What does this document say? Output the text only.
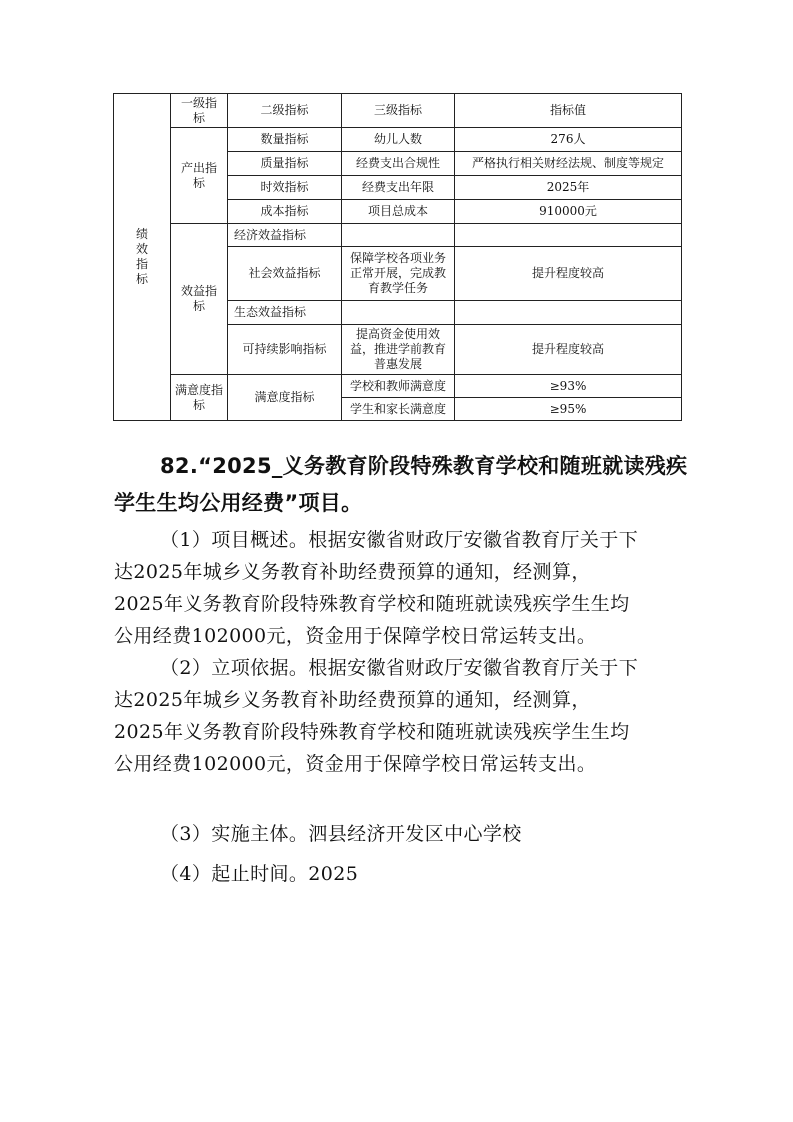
绩效指标	一级指标	二级指标	三级指标	指标值
	产出指标	数量指标	幼儿人数	276人
		质量指标	经费支出合规性	严格执行相关财经法规、制度等规定
		时效指标	经费支出年限	2025年
		成本指标	项目总成本	910000元
	效益指标	经济效益指标		
		社会效益指标	保障学校各项业务正常开展，完成教育教学任务	提升程度较高
		生态效益指标		
		可持续影响指标	提高资金使用效益，推进学前教育普惠发展	提升程度较高
	满意度指标	满意度指标	学校和教师满意度	≥93%
			学生和家长满意度	≥95%
82.“2025_义务教育阶段特殊教育学校和随班就读残疾
学生生均公用经费”项目。
（1）项目概述。根据安徽省财政厅安徽省教育厅关于下
达2025年城乡义务教育补助经费预算的通知，经测算，
2025年义务教育阶段特殊教育学校和随班就读残疾学生生均
公用经费102000元，资金用于保障学校日常运转支出。
（2）立项依据。根据安徽省财政厅安徽省教育厅关于下
达2025年城乡义务教育补助经费预算的通知，经测算，
2025年义务教育阶段特殊教育学校和随班就读残疾学生生均
公用经费102000元，资金用于保障学校日常运转支出。
（3）实施主体。泗县经济开发区中心学校
（4）起止时间。2025
